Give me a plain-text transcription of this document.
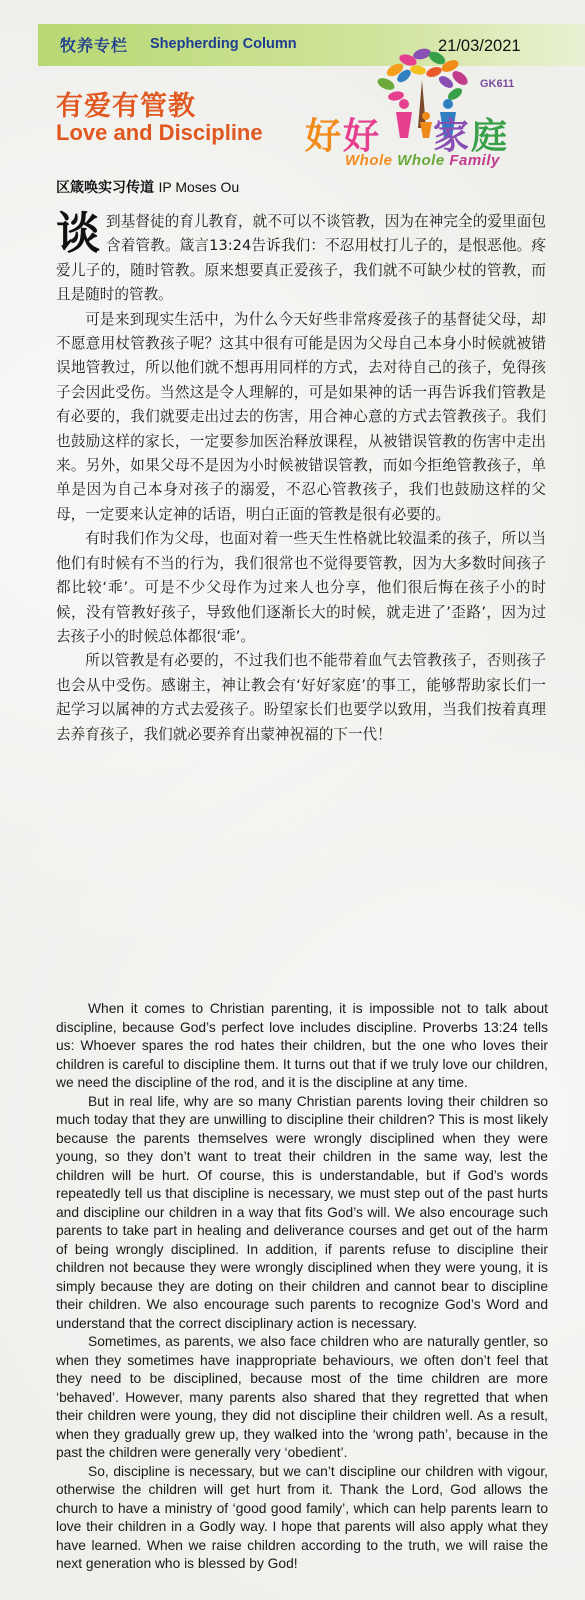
牧养专栏 Shepherding Column	21/03/2021
GK611
好好 家庭
Whole Whole Family
有爱有管教
Love and Discipline
区箴唤实习传道 IP Moses Ou

谈到基督徒的育儿教育，就不可以不谈管教，因为在神完全的爱里面包含着管教。箴言13:24告诉我们：不忍用杖打儿子的，是恨恶他。疼爱儿子的，随时管教。原来想要真正爱孩子，我们就不可缺少杖的管教，而且是随时的管教。

可是来到现实生活中，为什么今天好些非常疼爱孩子的基督徒父母，却不愿意用杖管教孩子呢？这其中很有可能是因为父母自己本身小时候就被错误地管教过，所以他们就不想再用同样的方式，去对待自己的孩子，免得孩子会因此受伤。当然这是令人理解的，可是如果神的话一再告诉我们管教是有必要的，我们就要走出过去的伤害，用合神心意的方式去管教孩子。我们也鼓励这样的家长，一定要参加医治释放课程，从被错误管教的伤害中走出来。另外，如果父母不是因为小时候被错误管教，而如今拒绝管教孩子，单单是因为自己本身对孩子的溺爱，不忍心管教孩子，我们也鼓励这样的父母，一定要来认定神的话语，明白正面的管教是很有必要的。

有时我们作为父母，也面对着一些天生性格就比较温柔的孩子，所以当他们有时候有不当的行为，我们很常也不觉得要管教，因为大多数时间孩子都比较‘乖’。可是不少父母作为过来人也分享，他们很后悔在孩子小的时候，没有管教好孩子，导致他们逐渐长大的时候，就走进了’歪路’，因为过去孩子小的时候总体都很‘乖’。

所以管教是有必要的，不过我们也不能带着血气去管教孩子，否则孩子也会从中受伤。感谢主，神让教会有‘好好家庭’的事工，能够帮助家长们一起学习以属神的方式去爱孩子。盼望家长们也要学以致用，当我们按着真理去养育孩子，我们就必要养育出蒙神祝福的下一代！

When it comes to Christian parenting, it is impossible not to talk about discipline, because God’s perfect love includes discipline. Proverbs 13:24 tells us: Whoever spares the rod hates their children, but the one who loves their children is careful to discipline them. It turns out that if we truly love our children, we need the discipline of the rod, and it is the discipline at any time.

But in real life, why are so many Christian parents loving their children so much today that they are unwilling to discipline their children? This is most likely because the parents themselves were wrongly disciplined when they were young, so they don’t want to treat their children in the same way, lest the children will be hurt. Of course, this is understandable, but if God’s words repeatedly tell us that discipline is necessary, we must step out of the past hurts and discipline our children in a way that fits God’s will. We also encourage such parents to take part in healing and deliverance courses and get out of the harm of being wrongly disciplined. In addition, if parents refuse to discipline their children not because they were wrongly disciplined when they were young, it is simply because they are doting on their children and cannot bear to discipline their children. We also encourage such parents to recognize God’s Word and understand that the correct disciplinary action is necessary.

Sometimes, as parents, we also face children who are naturally gentler, so when they sometimes have inappropriate behaviours, we often don’t feel that they need to be disciplined, because most of the time children are more ‘behaved’. However, many parents also shared that they regretted that when their children were young, they did not discipline their children well. As a result, when they gradually grew up, they walked into the ‘wrong path’, because in the past the children were generally very ‘obedient’.

So, discipline is necessary, but we can’t discipline our children with vigour, otherwise the children will get hurt from it. Thank the Lord, God allows the church to have a ministry of ‘good good family’, which can help parents learn to love their children in a Godly way. I hope that parents will also apply what they have learned. When we raise children according to the truth, we will raise the next generation who is blessed by God!
